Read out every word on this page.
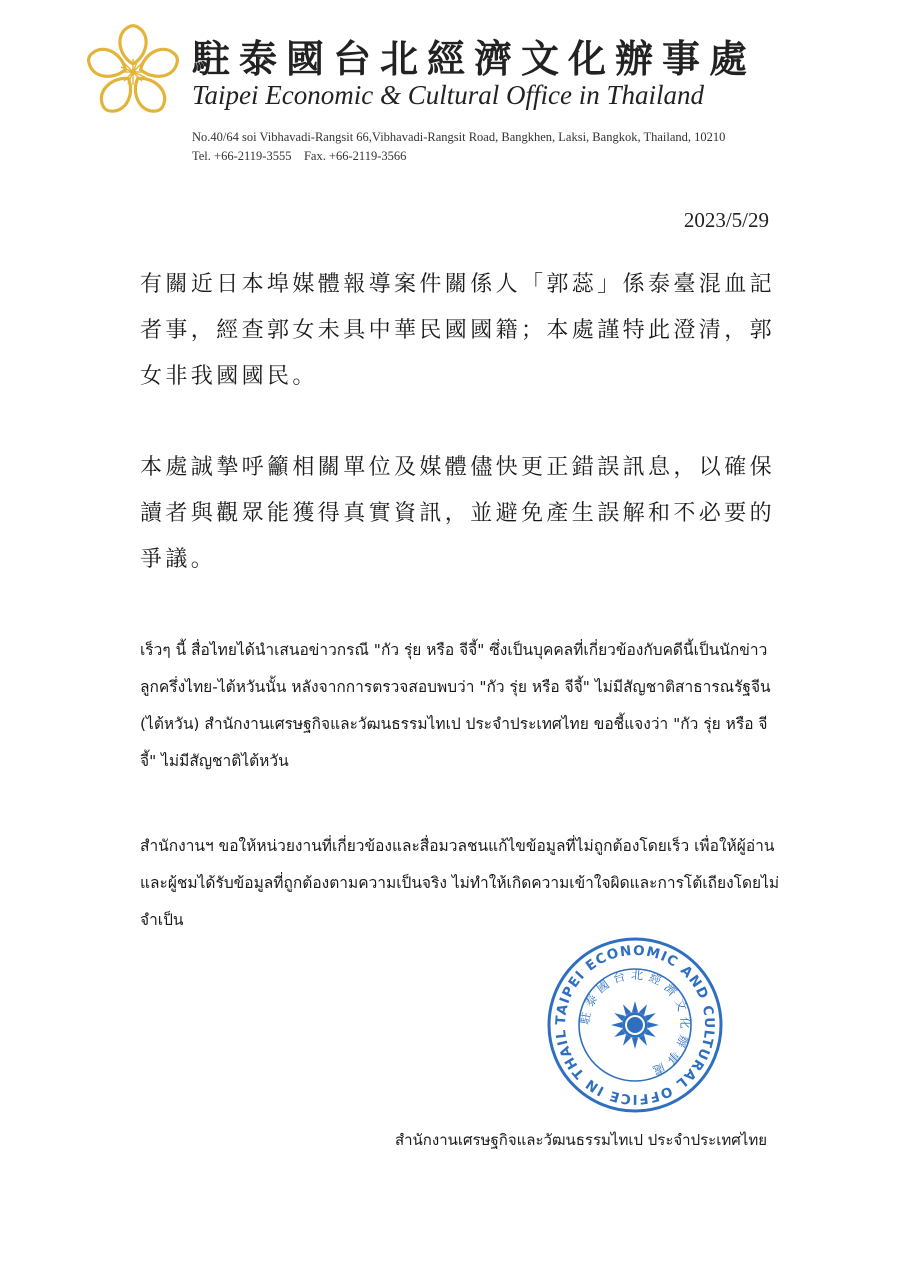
駐泰國台北經濟文化辦事處
Taipei Economic & Cultural Office in Thailand
No.40/64 soi Vibhavadi-Rangsit 66,Vibhavadi-Rangsit Road, Bangkhen, Laksi, Bangkok, Thailand, 10210
Tel. +66-2119-3555    Fax. +66-2119-3566
2023/5/29
有關近日本埠媒體報導案件關係人「郭蕊」係泰臺混血記者事，經查郭女未具中華民國國籍；本處謹特此澄清，郭女非我國國民。
本處誠摯呼籲相關單位及媒體儘快更正錯誤訊息，以確保讀者與觀眾能獲得真實資訊，並避免產生誤解和不必要的爭議。
เร็วๆ นี้ สื่อไทยได้นำเสนอข่าวกรณี "กัว รุ่ย หรือ จีจี้" ซึ่งเป็นบุคคลที่เกี่ยวข้องกับคดีนี้เป็นนักข่าวลูกครึ่งไทย-ไต้หวันนั้น หลังจากการตรวจสอบพบว่า "กัว รุ่ย หรือ จีจี้" ไม่มีสัญชาติสาธารณรัฐจีน (ไต้หวัน) สำนักงานเศรษฐกิจและวัฒนธรรมไทเป ประจำประเทศไทย ขอชี้แจงว่า "กัว รุ่ย หรือ จีจี้" ไม่มีสัญชาติไต้หวัน
สำนักงานฯ ขอให้หน่วยงานที่เกี่ยวข้องและสื่อมวลชนแก้ไขข้อมูลที่ไม่ถูกต้องโดยเร็ว เพื่อให้ผู้อ่านและผู้ชมได้รับข้อมูลที่ถูกต้องตามความเป็นจริง ไม่ทำให้เกิดความเข้าใจผิดและการโต้เถียงโดยไม่จำเป็น
TAIPEI ECONOMIC AND CULTURAL OFFICE IN THAIL
駐泰國台北經濟文化辦事處
สำนักงานเศรษฐกิจและวัฒนธรรมไทเป ประจำประเทศไทย
